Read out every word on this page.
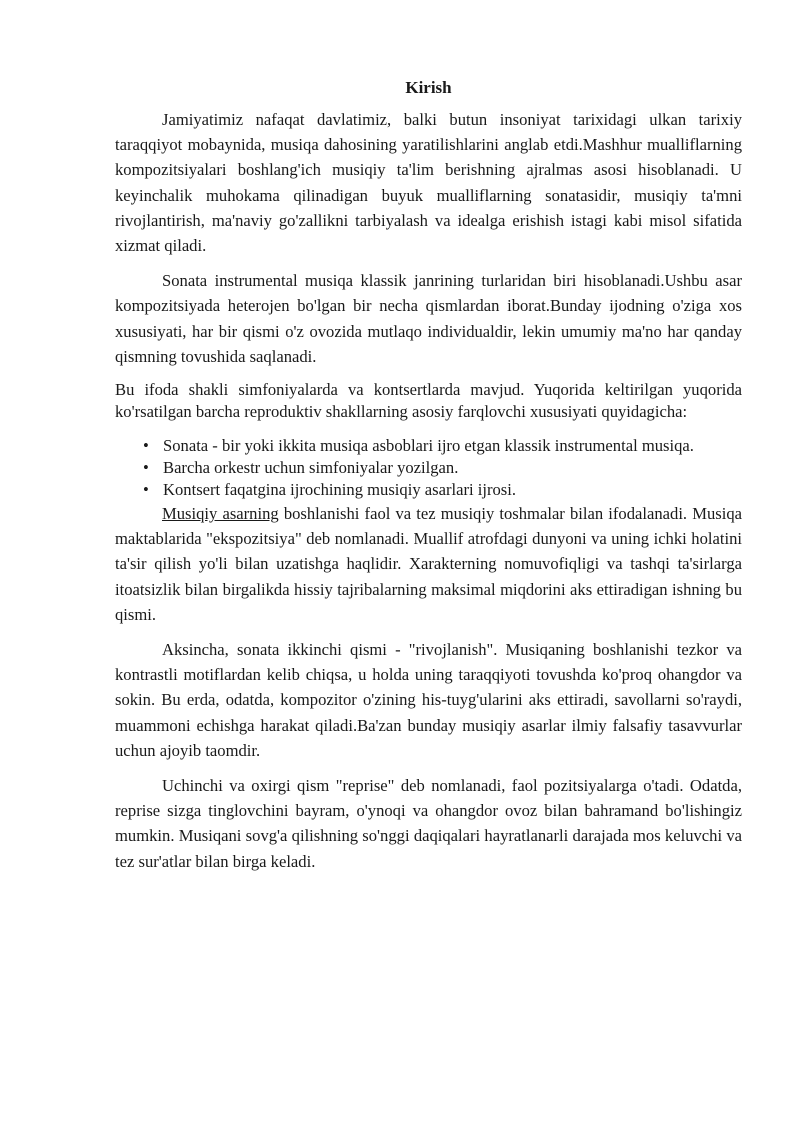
Kirish

Jamiyatimiz nafaqat davlatimiz, balki butun insoniyat tarixidagi ulkan tarixiy taraqqiyot mobaynida, musiqa dahosining yaratilishlarini anglab etdi.Mashhur mualliflarning kompozitsiyalari boshlang'ich musiqiy ta'lim berishning ajralmas asosi hisoblanadi. U keyinchalik muhokama qilinadigan buyuk mualliflarning sonatasidir, musiqiy ta'mni rivojlantirish, ma'naviy go'zallikni tarbiyalash va idealga erishish istagi kabi misol sifatida xizmat qiladi.

Sonata instrumental musiqa klassik janrining turlaridan biri hisoblanadi.Ushbu asar kompozitsiyada heterojen bo'lgan bir necha qismlardan iborat.Bunday ijodning o'ziga xos xususiyati, har bir qismi o'z ovozida mutlaqo individualdir, lekin umumiy ma'no har qanday qismning tovushida saqlanadi.

Bu ifoda shakli simfoniyalarda va kontsertlarda mavjud. Yuqorida keltirilgan yuqorida ko'rsatilgan barcha reproduktiv shakllarning asosiy farqlovchi xususiyati quyidagicha:

• Sonata - bir yoki ikkita musiqa asboblari ijro etgan klassik instrumental musiqa.
• Barcha orkestr uchun simfoniyalar yozilgan.
• Kontsert faqatgina ijrochining musiqiy asarlari ijrosi.

Musiqiy asarning boshlanishi faol va tez musiqiy toshmalar bilan ifodalanadi. Musiqa maktablarida "ekspozitsiya" deb nomlanadi. Muallif atrofdagi dunyoni va uning ichki holatini ta'sir qilish yo'li bilan uzatishga haqlidir. Xarakterning nomuvofiqligi va tashqi ta'sirlarga itoatsizlik bilan birgalikda hissiy tajribalarning maksimal miqdorini aks ettiradigan ishning bu qismi.

Aksincha, sonata ikkinchi qismi - "rivojlanish". Musiqaning boshlanishi tezkor va kontrastli motiflardan kelib chiqsa, u holda uning taraqqiyoti tovushda ko'proq ohangdor va sokin. Bu erda, odatda, kompozitor o'zining his-tuyg'ularini aks ettiradi, savollarni so'raydi, muammoni echishga harakat qiladi.Ba'zan bunday musiqiy asarlar ilmiy falsafiy tasavvurlar uchun ajoyib taomdir.

Uchinchi va oxirgi qism "reprise" deb nomlanadi, faol pozitsiyalarga o'tadi. Odatda, reprise sizga tinglovchini bayram, o'ynoqi va ohangdor ovoz bilan bahramand bo'lishingiz mumkin. Musiqani sovg'a qilishning so'nggi daqiqalari hayratlanarli darajada mos keluvchi va tez sur'atlar bilan birga keladi.
